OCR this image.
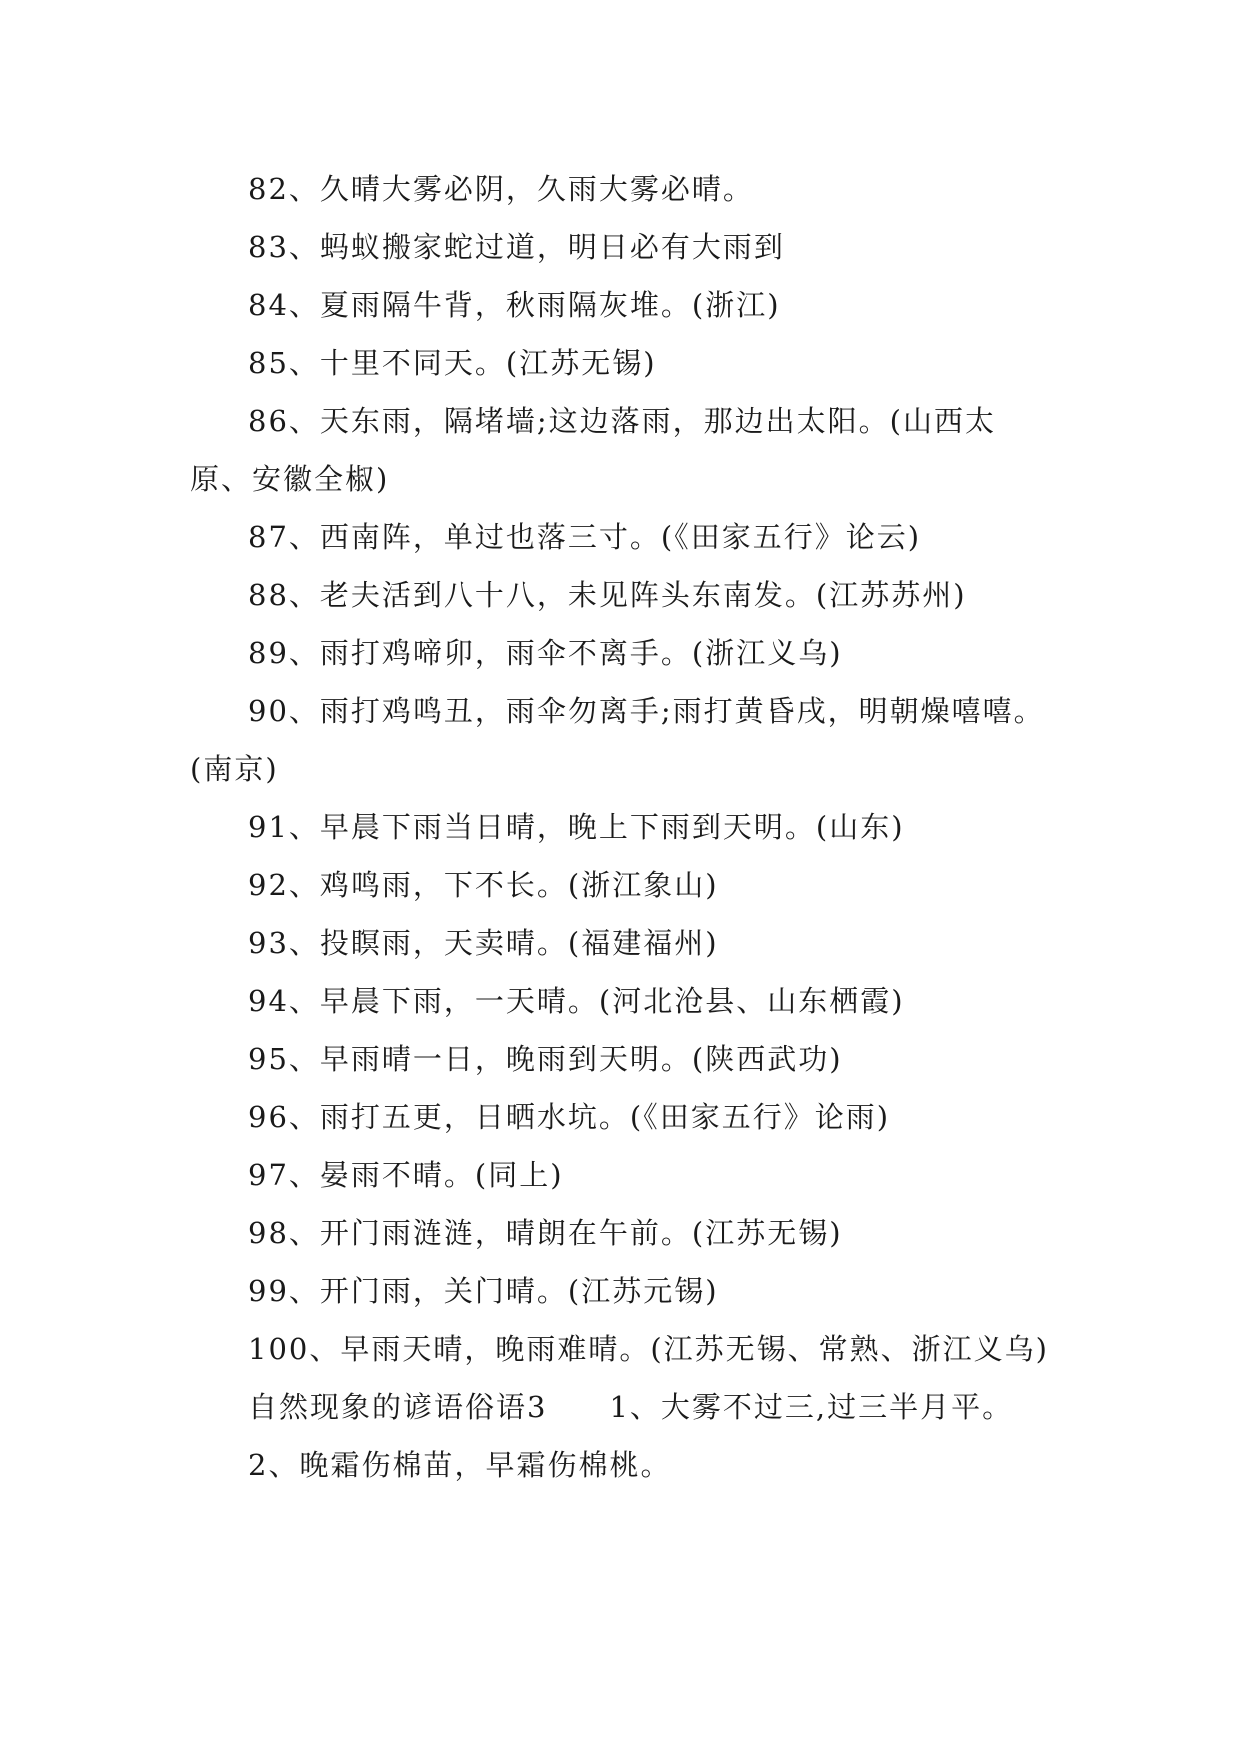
82、久晴大雾必阴，久雨大雾必晴。

83、蚂蚁搬家蛇过道，明日必有大雨到

84、夏雨隔牛背，秋雨隔灰堆。(浙江)

85、十里不同天。(江苏无锡)

86、天东雨，隔堵墙;这边落雨，那边出太阳。(山西太原、安徽全椒)

87、西南阵，单过也落三寸。(《田家五行》论云)

88、老夫活到八十八，未见阵头东南发。(江苏苏州)

89、雨打鸡啼卯，雨伞不离手。(浙江义乌)

90、雨打鸡鸣丑，雨伞勿离手;雨打黄昏戌，明朝燥嘻嘻。(南京)

91、早晨下雨当日晴，晚上下雨到天明。(山东)

92、鸡鸣雨，下不长。(浙江象山)

93、投瞑雨，天卖晴。(福建福州)

94、早晨下雨，一天晴。(河北沧县、山东栖霞)

95、早雨晴一日，晚雨到天明。(陕西武功)

96、雨打五更，日晒水坑。(《田家五行》论雨)

97、晏雨不晴。(同上)

98、开门雨涟涟，晴朗在午前。(江苏无锡)

99、开门雨，关门晴。(江苏元锡)

100、早雨天晴，晚雨难晴。(江苏无锡、常熟、浙江义乌)

自然现象的谚语俗语3　　1、大雾不过三,过三半月平。

2、晚霜伤棉苗，早霜伤棉桃。
